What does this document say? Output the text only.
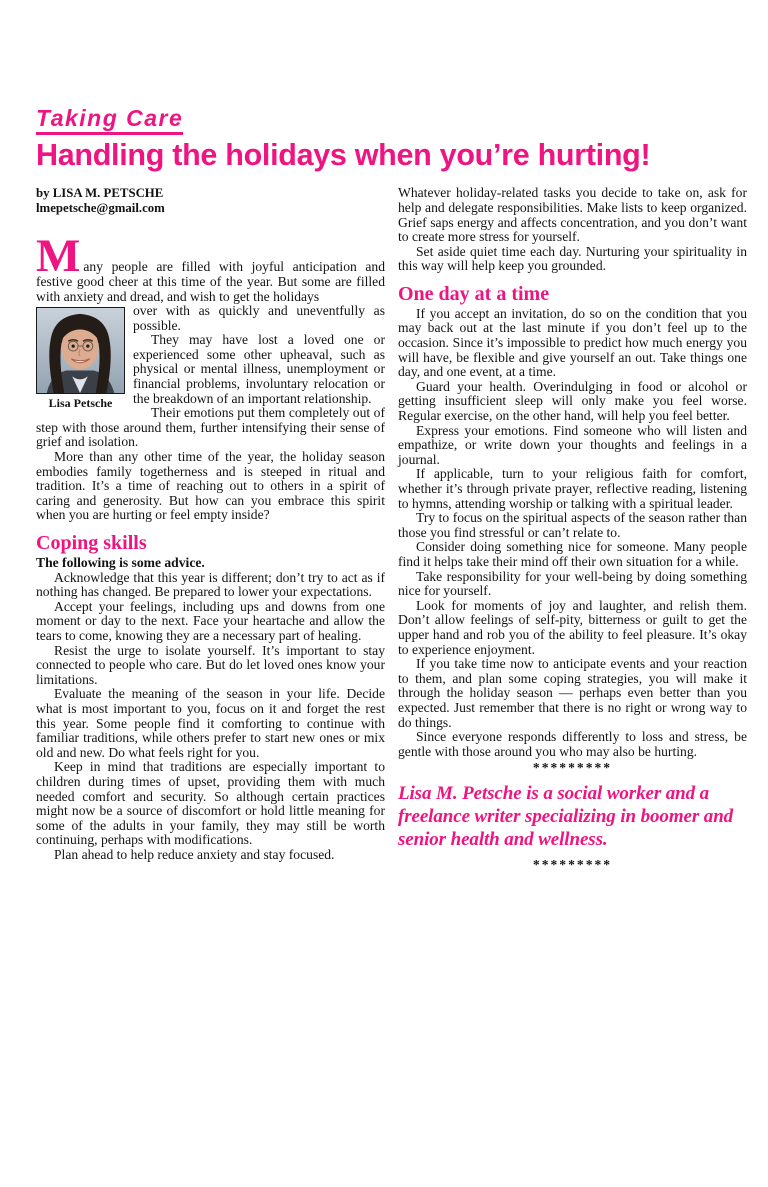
Taking Care
Handling the holidays when you’re hurting!
by LISA M. PETSCHE
lmepetsche@gmail.com

Many people are filled with joyful anticipation and festive good cheer at this time of the year. But some are filled with anxiety and dread, and wish to get the holidays

Lisa Petsche

over with as quickly and uneventfully as possible.

They may have lost a loved one or experienced some other upheaval, such as physical or mental illness, unemployment or financial problems, involuntary relocation or the breakdown of an important relationship.

Their emotions put them completely out of step with those around them, further intensifying their sense of grief and isolation.

More than any other time of the year, the holiday season embodies family togetherness and is steeped in ritual and tradition. It’s a time of reaching out to others in a spirit of caring and generosity. But how can you embrace this spirit when you are hurting or feel empty inside?

Coping skills

The following is some advice.

Acknowledge that this year is different; don’t try to act as if nothing has changed. Be prepared to lower your expectations.

Accept your feelings, including ups and downs from one moment or day to the next. Face your heartache and allow the tears to come, knowing they are a necessary part of healing.

Resist the urge to isolate yourself. It’s important to stay connected to people who care. But do let loved ones know your limitations.

Evaluate the meaning of the season in your life. Decide what is most important to you, focus on it and forget the rest this year. Some people find it comforting to continue with familiar traditions, while others prefer to start new ones or mix old and new. Do what feels right for you.

Keep in mind that traditions are especially important to children during times of upset, providing them with much needed comfort and security. So although certain practices might now be a source of discomfort or hold little meaning for some of the adults in your family, they may still be worth continuing, perhaps with modifications.

Plan ahead to help reduce anxiety and stay focused.

Whatever holiday-related tasks you decide to take on, ask for help and delegate responsibilities. Make lists to keep organized. Grief saps energy and affects concentration, and you don’t want to create more stress for yourself.

Set aside quiet time each day. Nurturing your spirituality in this way will help keep you grounded.

One day at a time

If you accept an invitation, do so on the condition that you may back out at the last minute if you don’t feel up to the occasion. Since it’s impossible to predict how much energy you will have, be flexible and give yourself an out. Take things one day, and one event, at a time.

Guard your health. Overindulging in food or alcohol or getting insufficient sleep will only make you feel worse. Regular exercise, on the other hand, will help you feel better.

Express your emotions. Find someone who will listen and empathize, or write down your thoughts and feelings in a journal.

If applicable, turn to your religious faith for comfort, whether it’s through private prayer, reflective reading, listening to hymns, attending worship or talking with a spiritual leader.

Try to focus on the spiritual aspects of the season rather than those you find stressful or can’t relate to.

Consider doing something nice for someone. Many people find it helps take their mind off their own situation for a while.

Take responsibility for your well-being by doing something nice for yourself.

Look for moments of joy and laughter, and relish them. Don’t allow feelings of self-pity, bitterness or guilt to get the upper hand and rob you of the ability to feel pleasure. It’s okay to experience enjoyment.

If you take time now to anticipate events and your reaction to them, and plan some coping strategies, you will make it through the holiday season — perhaps even better than you expected. Just remember that there is no right or wrong way to do things.

Since everyone responds differently to loss and stress, be gentle with those around you who may also be hurting.

*********
Lisa M. Petsche is a social worker and a freelance writer specializing in boomer and senior health and wellness.
*********
